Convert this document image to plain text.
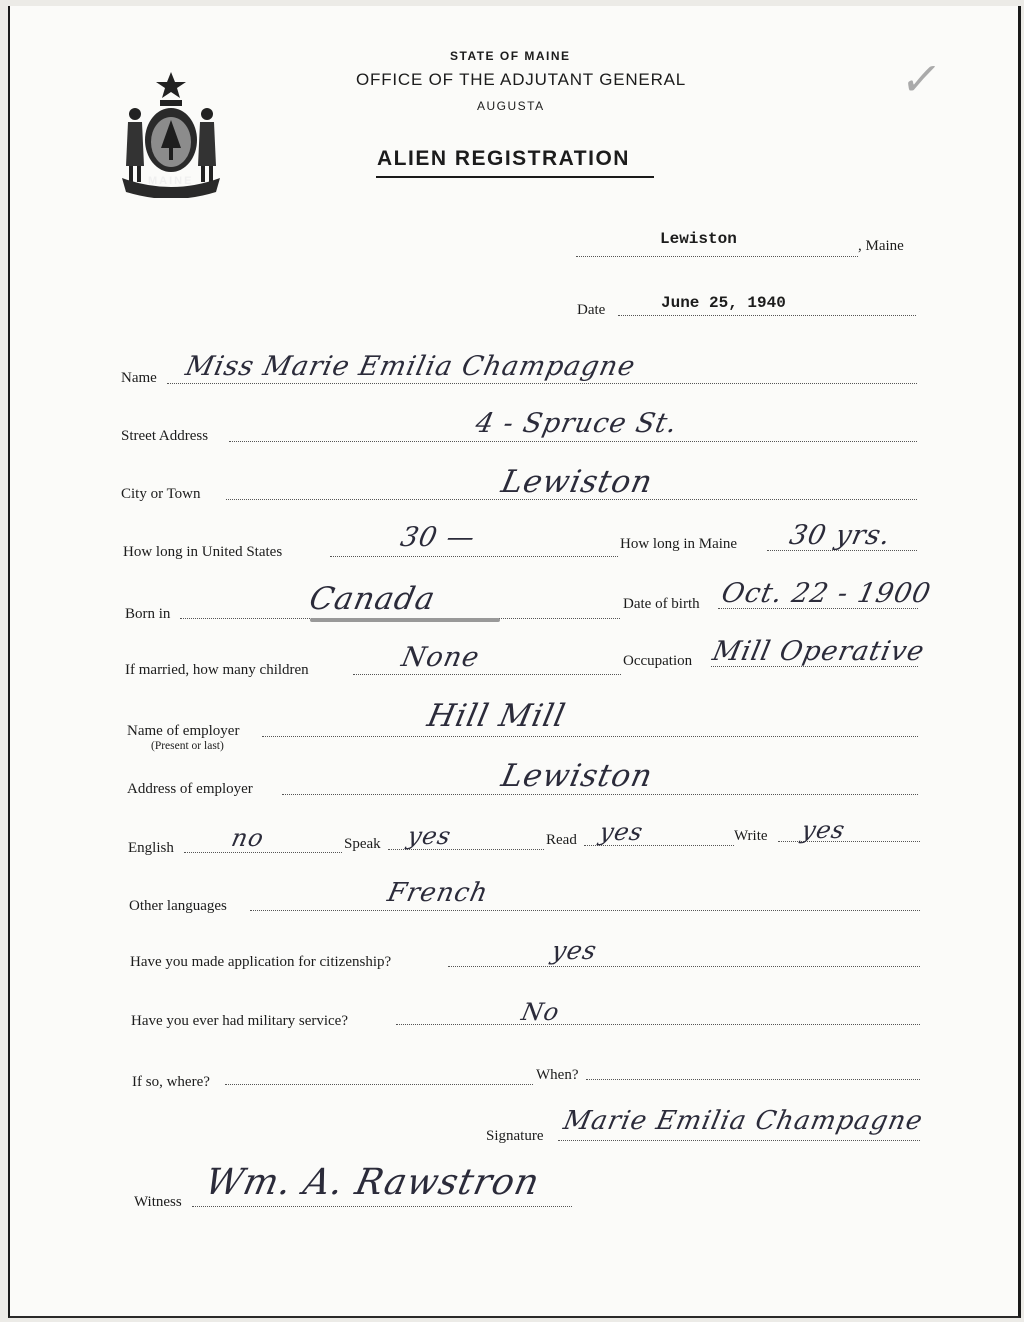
MAINE
STATE OF MAINE
OFFICE OF THE ADJUTANT GENERAL
AUGUSTA
ALIEN REGISTRATION
✓
Lewiston	, Maine
Date	June 25, 1940
Name Miss Marie Emilia Champagne
Street Address	4 - Spruce St.
City or Town	Lewiston
How long in United States	30 —	How long in Maine 30 yrs.
Born in	Canada	Date of birth Oct. 22 - 1900
If married, how many children	None	Occupation Mill Operative
Name of employer
(Present or last)
Hill Mill
Address of employer	Lewiston
English no	Speak yes	Read yes	Write yes
Other languages	French
Have you made application for citizenship?	yes
Have you ever had military service?	No
If so, where?	When?
Signature Marie Emilia Champagne
Witness Wm. A. Rawstron
